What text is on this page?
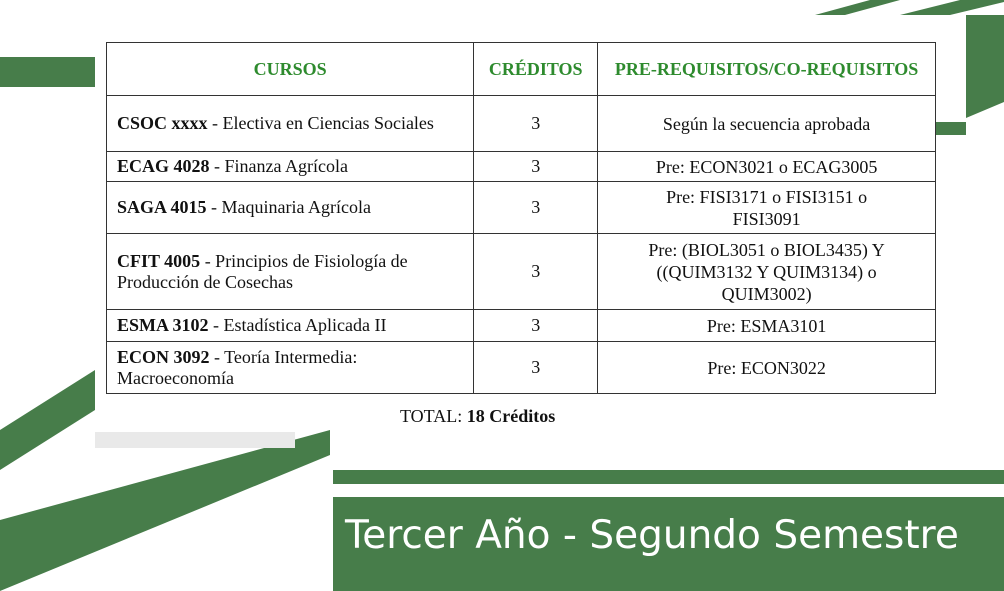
Tercer Año - Segundo Semestre
CURSOS	CRÉDITOS	PRE-REQUISITOS/CO-REQUISITOS
CSOC xxxx - Electiva en Ciencias Sociales	3	Según la secuencia aprobada
ECAG 4028 - Finanza Agrícola	3	Pre: ECON3021 o ECAG3005
SAGA 4015 - Maquinaria Agrícola	3	Pre: FISI3171 o FISI3151 o FISI3091

CFIT 4005 - Principios de Fisiología de Producción de Cosechas	3	Pre: (BIOL3051 o BIOL3435) Y ((QUIM3132 Y QUIM3134) o QUIM3002)

ESMA 3102 - Estadística Aplicada II	3	Pre: ESMA3101
ECON 3092 - Teoría Intermedia: Macroeconomía	3	Pre: ECON3022
TOTAL: 18 Créditos
